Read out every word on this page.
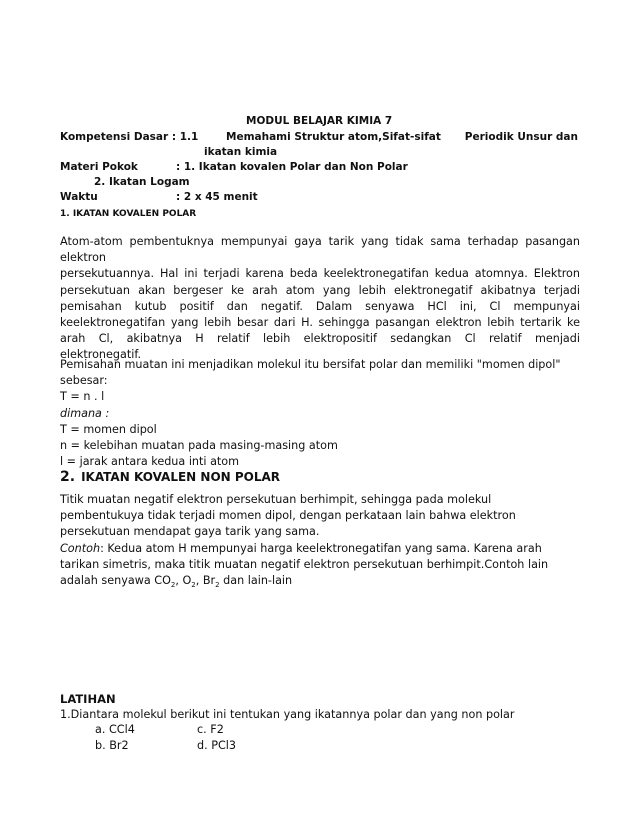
MODUL BELAJAR KIMIA 7
Kompetensi Dasar : 1.1	Memahami Struktur atom,Sifat-sifat Periodik Unsur dan
ikatan kimia
Materi Pokok	: 1. Ikatan kovalen Polar dan Non Polar
2. Ikatan Logam
Waktu	: 2 x 45 menit
1. IKATAN KOVALEN POLAR
Atom-atom pembentuknya mempunyai gaya tarik yang tidak sama terhadap pasangan
elektron
persekutuannya. Hal ini terjadi karena beda keelektronegatifan kedua atomnya. Elektron
persekutuan akan bergeser ke arah atom yang lebih elektronegatif akibatnya terjadi
pemisahan kutub positif dan negatif. Dalam senyawa HCl ini, Cl mempunyai
keelektronegatifan yang lebih besar dari H. sehingga pasangan elektron lebih tertarik ke
arah Cl, akibatnya H relatif lebih elektropositif sedangkan Cl relatif menjadi
elektronegatif.
Pemisahan muatan ini menjadikan molekul itu bersifat polar dan memiliki "momen dipol"
sebesar:
T = n . l
dimana :
T = momen dipol
n = kelebihan muatan pada masing-masing atom
l = jarak antara kedua inti atom
2. IKATAN KOVALEN NON POLAR
Titik muatan negatif elektron persekutuan berhimpit, sehingga pada molekul
pembentukuya tidak terjadi momen dipol, dengan perkataan lain bahwa elektron
persekutuan mendapat gaya tarik yang sama.
Contoh: Kedua atom H mempunyai harga keelektronegatifan yang sama. Karena arah
tarikan simetris, maka titik muatan negatif elektron persekutuan berhimpit.Contoh lain
adalah senyawa $CO_2$, $O_2$, $Br_2$ dan lain-lain
LATIHAN
1.Diantara molekul berikut ini tentukan yang ikatannya polar dan yang non polar
a. CCl4	c. F2
b. Br2	d. PCl3
